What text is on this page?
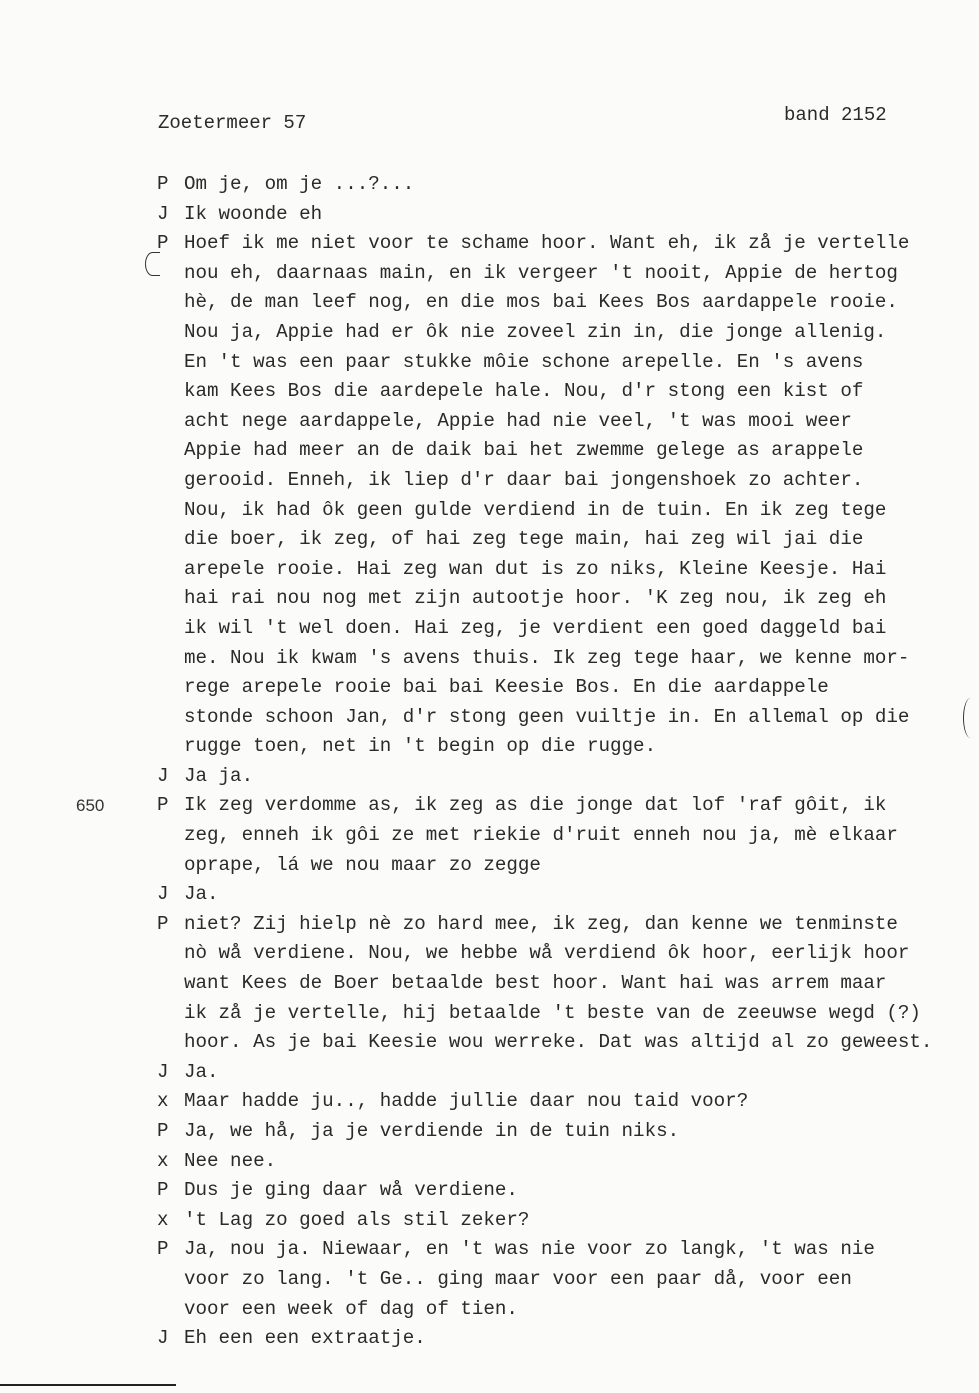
Zoetermeer 57	band 2152
P Om je, om je ...?...
J Ik woonde eh
P Hoef ik me niet voor te schame hoor. Want eh, ik zå je vertelle
nou eh, daarnaas main, en ik vergeer 't nooit, Appie de hertog
hè, de man leef nog, en die mos bai Kees Bos aardappele rooie.
Nou ja, Appie had er ôk nie zoveel zin in, die jonge allenig.
En 't was een paar stukke môie schone arepelle. En 's avens
kam Kees Bos die aardepele hale. Nou, d'r stong een kist of
acht nege aardappele, Appie had nie veel, 't was mooi weer
Appie had meer an de daik bai het zwemme gelege as arappele
gerooid. Enneh, ik liep d'r daar bai jongenshoek zo achter.
Nou, ik had ôk geen gulde verdiend in de tuin. En ik zeg tege
die boer, ik zeg, of hai zeg tege main, hai zeg wil jai die
arepele rooie. Hai zeg wan dut is zo niks, Kleine Keesje. Hai
hai rai nou nog met zijn autootje hoor. 'K zeg nou, ik zeg eh
ik wil 't wel doen. Hai zeg, je verdient een goed daggeld bai
me. Nou ik kwam 's avens thuis. Ik zeg tege haar, we kenne mor-
rege arepele rooie bai bai Keesie Bos. En die aardappele
stonde schoon Jan, d'r stong geen vuiltje in. En allemal op die
rugge toen, net in 't begin op die rugge.
J Ja ja.
650	P Ik zeg verdomme as, ik zeg as die jonge dat lof 'raf gôit, ik
zeg, enneh ik gôi ze met riekie d'ruit enneh nou ja, mè elkaar
oprape, lá we nou maar zo zegge
J Ja.
P niet? Zij hielp nè zo hard mee, ik zeg, dan kenne we tenminste
nò wå verdiene. Nou, we hebbe wå verdiend ôk hoor, eerlijk hoor
want Kees de Boer betaalde best hoor. Want hai was arrem maar
ik zå je vertelle, hij betaalde 't beste van de zeeuwse wegd (?)
hoor. As je bai Keesie wou werreke. Dat was altijd al zo geweest.
J Ja.
x Maar hadde ju.., hadde jullie daar nou taid voor?
P Ja, we hå, ja je verdiende in de tuin niks.
x Nee nee.
P Dus je ging daar wå verdiene.
x 't Lag zo goed als stil zeker?
P Ja, nou ja. Niewaar, en 't was nie voor zo langk, 't was nie
voor zo lang. 't Ge.. ging maar voor een paar då, voor een
voor een week of dag of tien.
J Eh een een extraatje.
